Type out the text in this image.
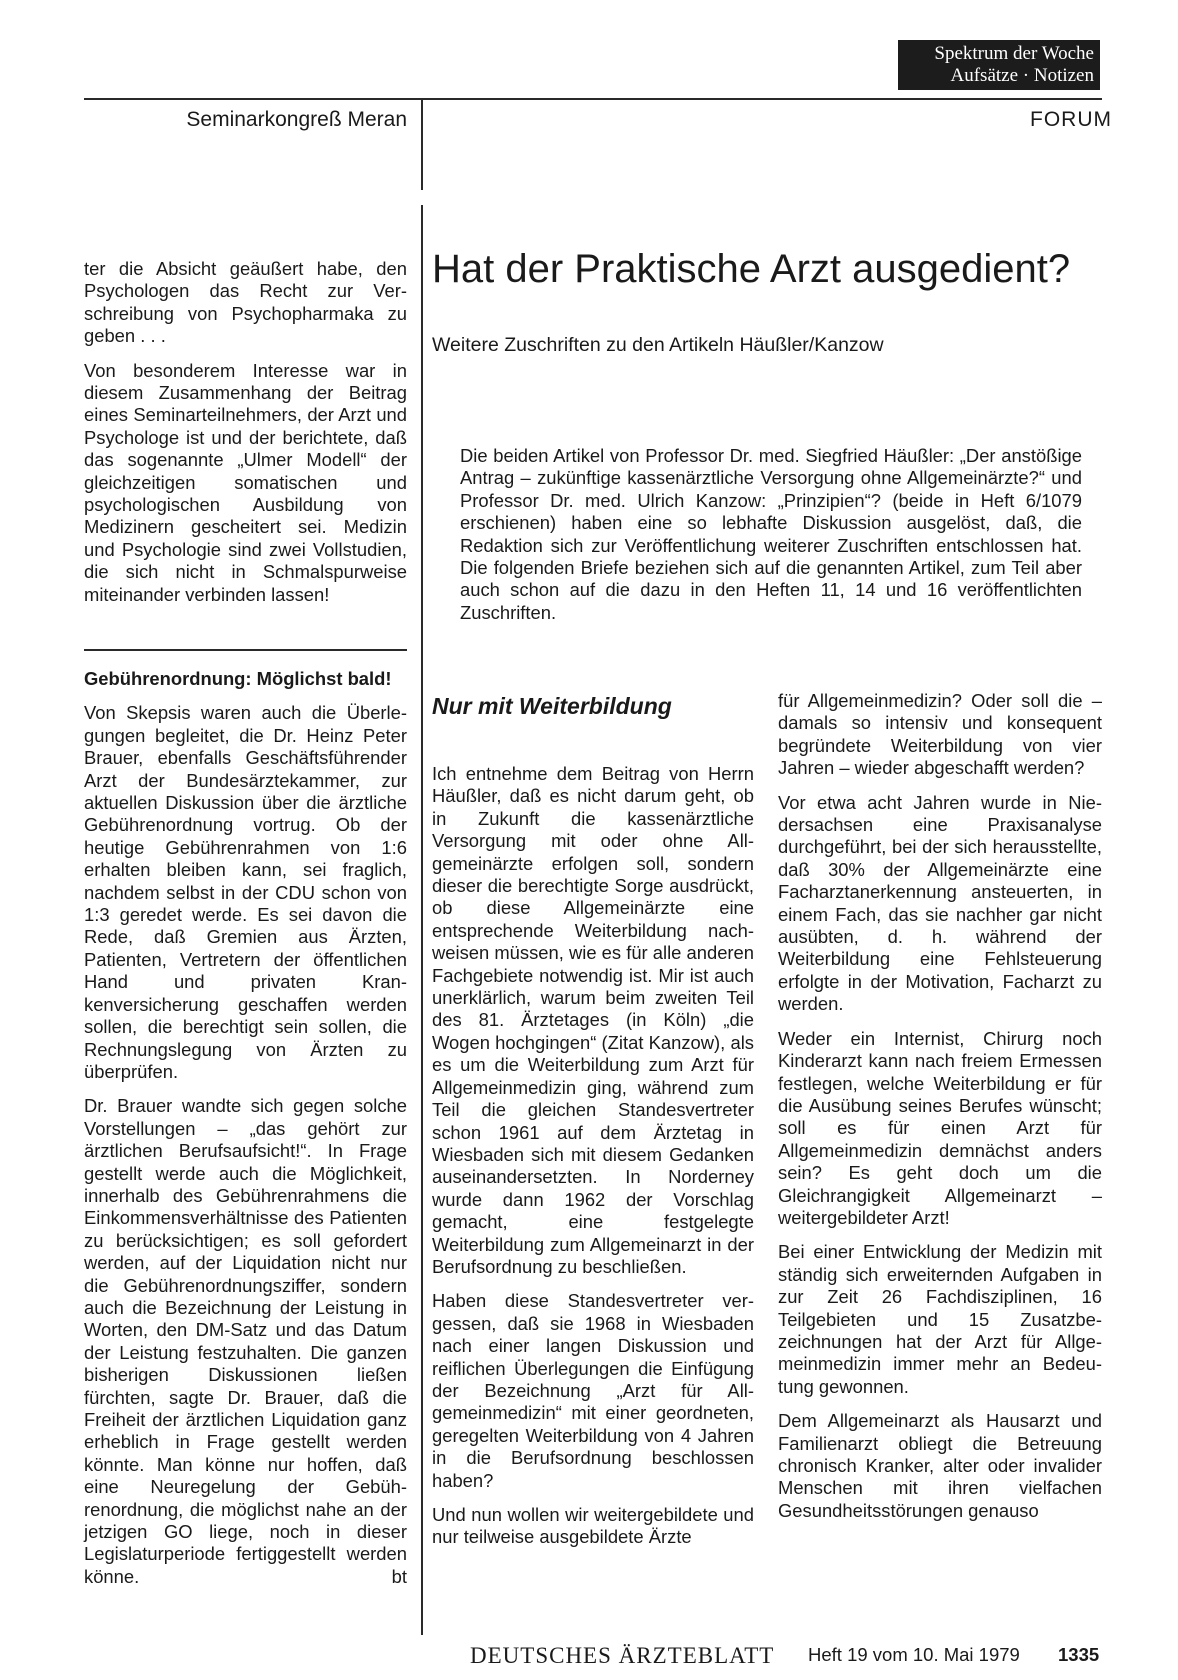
Spektrum der Woche
Aufsätze · Notizen
Seminarkongreß Meran	FORUM

ter die Absicht geäußert habe, den Psychologen das Recht zur Verschreibung von Psychopharmaka zu geben . . .

Von besonderem Interesse war in diesem Zusammenhang der Beitrag eines Seminarteilnehmers, der Arzt und Psychologe ist und der berichtete, daß das sogenannte „Ulmer Modell“ der gleichzeitigen somatischen und psychologischen Ausbildung von Medizinern gescheitert sei. Medizin und Psychologie sind zwei Vollstudien, die sich nicht in Schmalspurweise miteinander verbinden lassen!

Gebührenordnung: Möglichst bald!

Von Skepsis waren auch die Überlegungen begleitet, die Dr. Heinz Peter Brauer, ebenfalls Geschäftsführender Arzt der Bundesärztekammer, zur aktuellen Diskussion über die ärztliche Gebührenordnung vortrug. Ob der heutige Gebührenrahmen von 1:6 erhalten bleiben kann, sei fraglich, nachdem selbst in der CDU schon von 1:3 geredet werde. Es sei davon die Rede, daß Gremien aus Ärzten, Patienten, Vertretern der öffentlichen Hand und privaten Krankenversicherung geschaffen werden sollen, die berechtigt sein sollen, die Rechnungslegung von Ärzten zu überprüfen.

Dr. Brauer wandte sich gegen solche Vorstellungen – „das gehört zur ärztlichen Berufsaufsicht!“. In Frage gestellt werde auch die Möglichkeit, innerhalb des Gebührenrahmens die Einkommensverhältnisse des Patienten zu berücksichtigen; es soll gefordert werden, auf der Liquidation nicht nur die Gebührenordnungsziffer, sondern auch die Bezeichnung der Leistung in Worten, den DM-Satz und das Datum der Leistung festzuhalten. Die ganzen bisherigen Diskussionen ließen fürchten, sagte Dr. Brauer, daß die Freiheit der ärztlichen Liquidation ganz erheblich in Frage gestellt werden könnte. Man könne nur hoffen, daß eine Neuregelung der Gebührenordnung, die möglichst nahe an der jetzigen GO liege, noch in dieser Legislaturperiode fertiggestellt werden könne.	bt

Hat der Praktische Arzt ausgedient?
Weitere Zuschriften zu den Artikeln Häußler/Kanzow
Die beiden Artikel von Professor Dr. med. Siegfried Häußler: „Der anstößige Antrag – zukünftige kassenärztliche Versorgung ohne Allgemeinärzte?“ und Professor Dr. med. Ulrich Kanzow: „Prinzipien“? (beide in Heft 6/1079 erschienen) haben eine so lebhafte Diskussion ausgelöst, daß, die Redaktion sich zur Veröffentlichung weiterer Zuschriften entschlossen hat. Die folgenden Briefe beziehen sich auf die genannten Artikel, zum Teil aber auch schon auf die dazu in den Heften 11, 14 und 16 veröffentlichten Zuschriften.
Nur mit Weiterbildung

Ich entnehme dem Beitrag von Herrn Häußler, daß es nicht darum geht, ob in Zukunft die kassenärztliche Versorgung mit oder ohne Allgemeinärzte erfolgen soll, sondern dieser die berechtigte Sorge ausdrückt, ob diese Allgemeinärzte eine entsprechende Weiterbildung nachweisen müssen, wie es für alle anderen Fachgebiete notwendig ist. Mir ist auch unerklärlich, warum beim zweiten Teil des 81. Ärztetages (in Köln) „die Wogen hochgingen“ (Zitat Kanzow), als es um die Weiterbildung zum Arzt für Allgemeinmedizin ging, während zum Teil die gleichen Standesvertreter schon 1961 auf dem Ärztetag in Wiesbaden sich mit diesem Gedanken auseinandersetzten. In Norderney wurde dann 1962 der Vorschlag gemacht, eine festgelegte Weiterbildung zum Allgemeinarzt in der Berufsordnung zu beschließen.

Haben diese Standesvertreter vergessen, daß sie 1968 in Wiesbaden nach einer langen Diskussion und reiflichen Überlegungen die Einfügung der Bezeichnung „Arzt für Allgemeinmedizin“ mit einer geordneten, geregelten Weiterbildung von 4 Jahren in die Berufsordnung beschlossen haben?

Und nun wollen wir weitergebildete und nur teilweise ausgebildete Ärzte

für Allgemeinmedizin? Oder soll die – damals so intensiv und konsequent begründete Weiterbildung von vier Jahren – wieder abgeschafft werden?

Vor etwa acht Jahren wurde in Niedersachsen eine Praxisanalyse durchgeführt, bei der sich herausstellte, daß 30% der Allgemeinärzte eine Facharztanerkennung ansteuerten, in einem Fach, das sie nachher gar nicht ausübten, d. h. während der Weiterbildung eine Fehlsteuerung erfolgte in der Motivation, Facharzt zu werden.

Weder ein Internist, Chirurg noch Kinderarzt kann nach freiem Ermessen festlegen, welche Weiterbildung er für die Ausübung seines Berufes wünscht; soll es für einen Arzt für Allgemeinmedizin demnächst anders sein? Es geht doch um die Gleichrangigkeit Allgemeinarzt – weitergebildeter Arzt!

Bei einer Entwicklung der Medizin mit ständig sich erweiternden Aufgaben in zur Zeit 26 Fachdisziplinen, 16 Teilgebieten und 15 Zusatzbezeichnungen hat der Arzt für Allgemeinmedizin immer mehr an Bedeutung gewonnen.

Dem Allgemeinarzt als Hausarzt und Familienarzt obliegt die Betreuung chronisch Kranker, alter oder invalider Menschen mit ihren vielfachen Gesundheitsstörungen genauso

DEUTSCHES ÄRZTEBLATT Heft 19 vom 10. Mai 1979 1335
